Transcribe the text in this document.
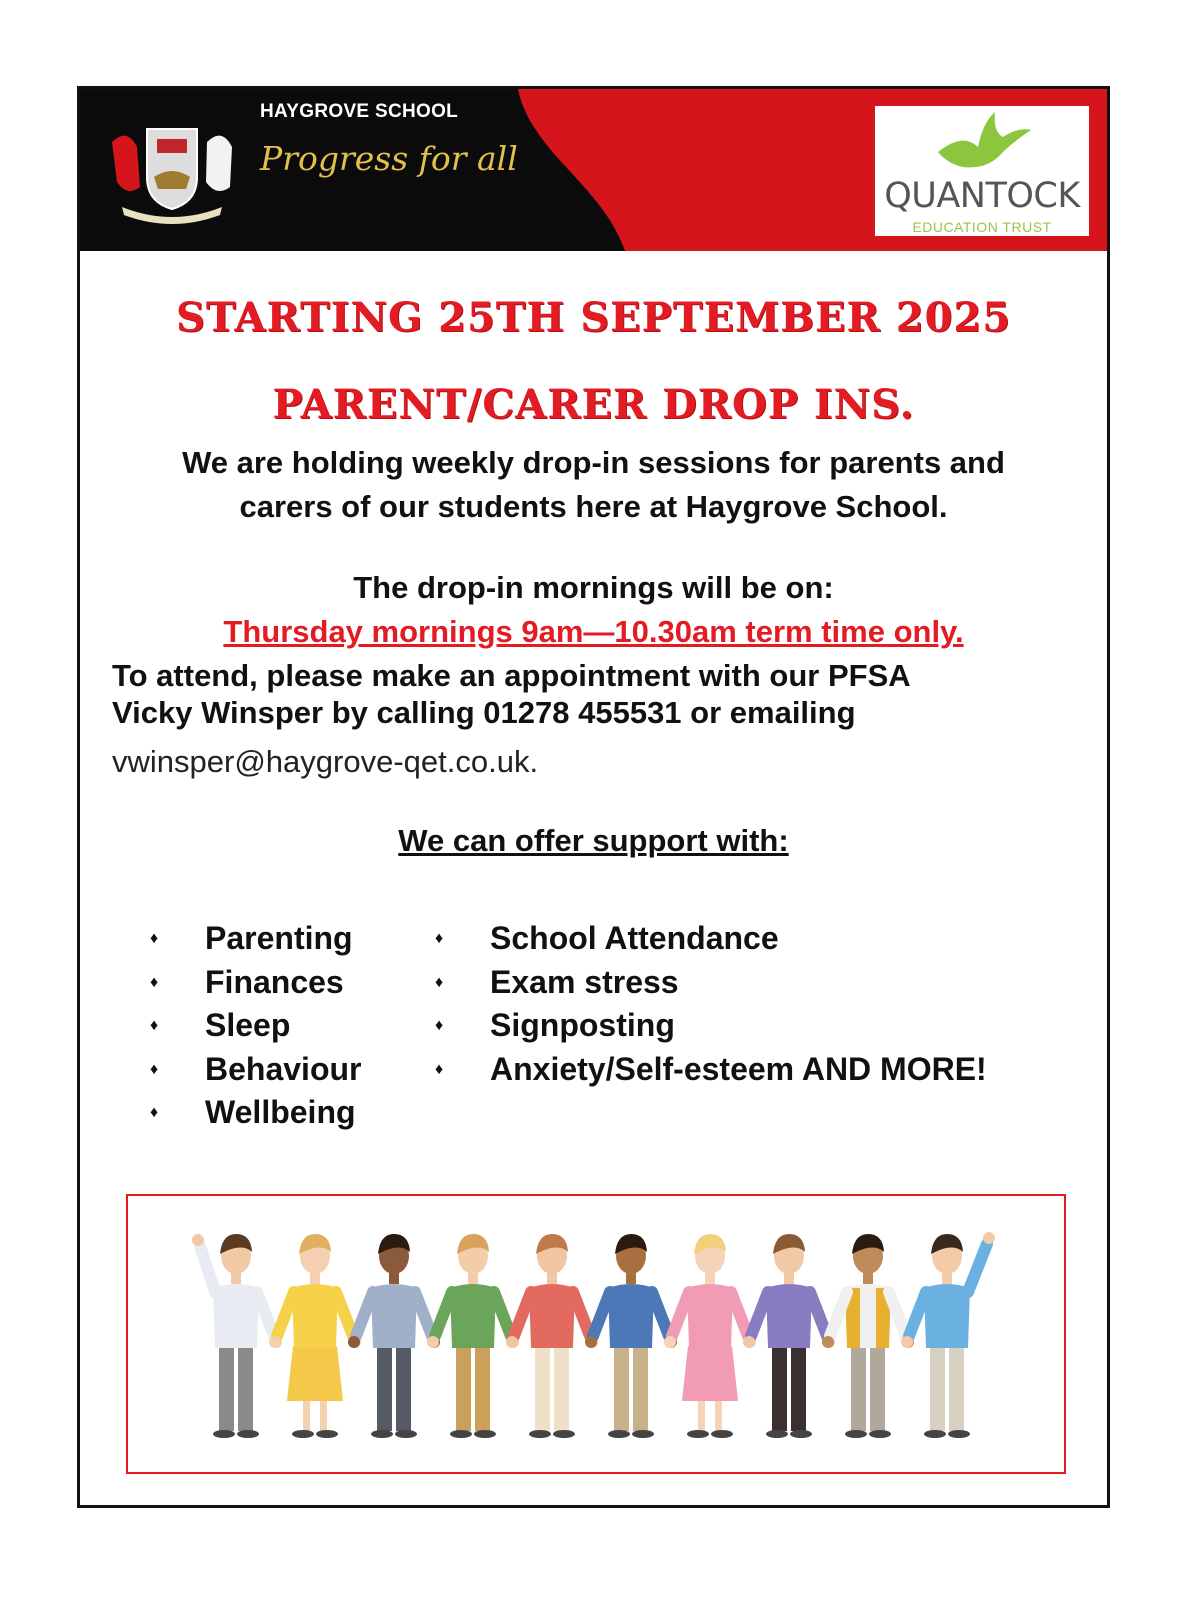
HAYGROVE SCHOOL
Progress for all
QUANTOCK
EDUCATION TRUST
STARTING 25TH SEPTEMBER 2025
PARENT/CARER DROP INS.

We are holding weekly drop-in sessions for parents and

carers of our students here at Haygrove School.

The drop-in mornings will be on:
Thursday mornings 9am—10.30am term time only.

To attend, please make an appointment with our PFSA

Vicky Winsper by calling 01278 455531 or emailing

vwinsper@haygrove-qet.co.uk.
We can offer support with:
♦ Parenting
♦ Finances
♦ Sleep
♦ Behaviour
♦ Wellbeing
♦ School Attendance
♦ Exam stress
♦ Signposting
♦ Anxiety/Self-esteem AND MORE!
